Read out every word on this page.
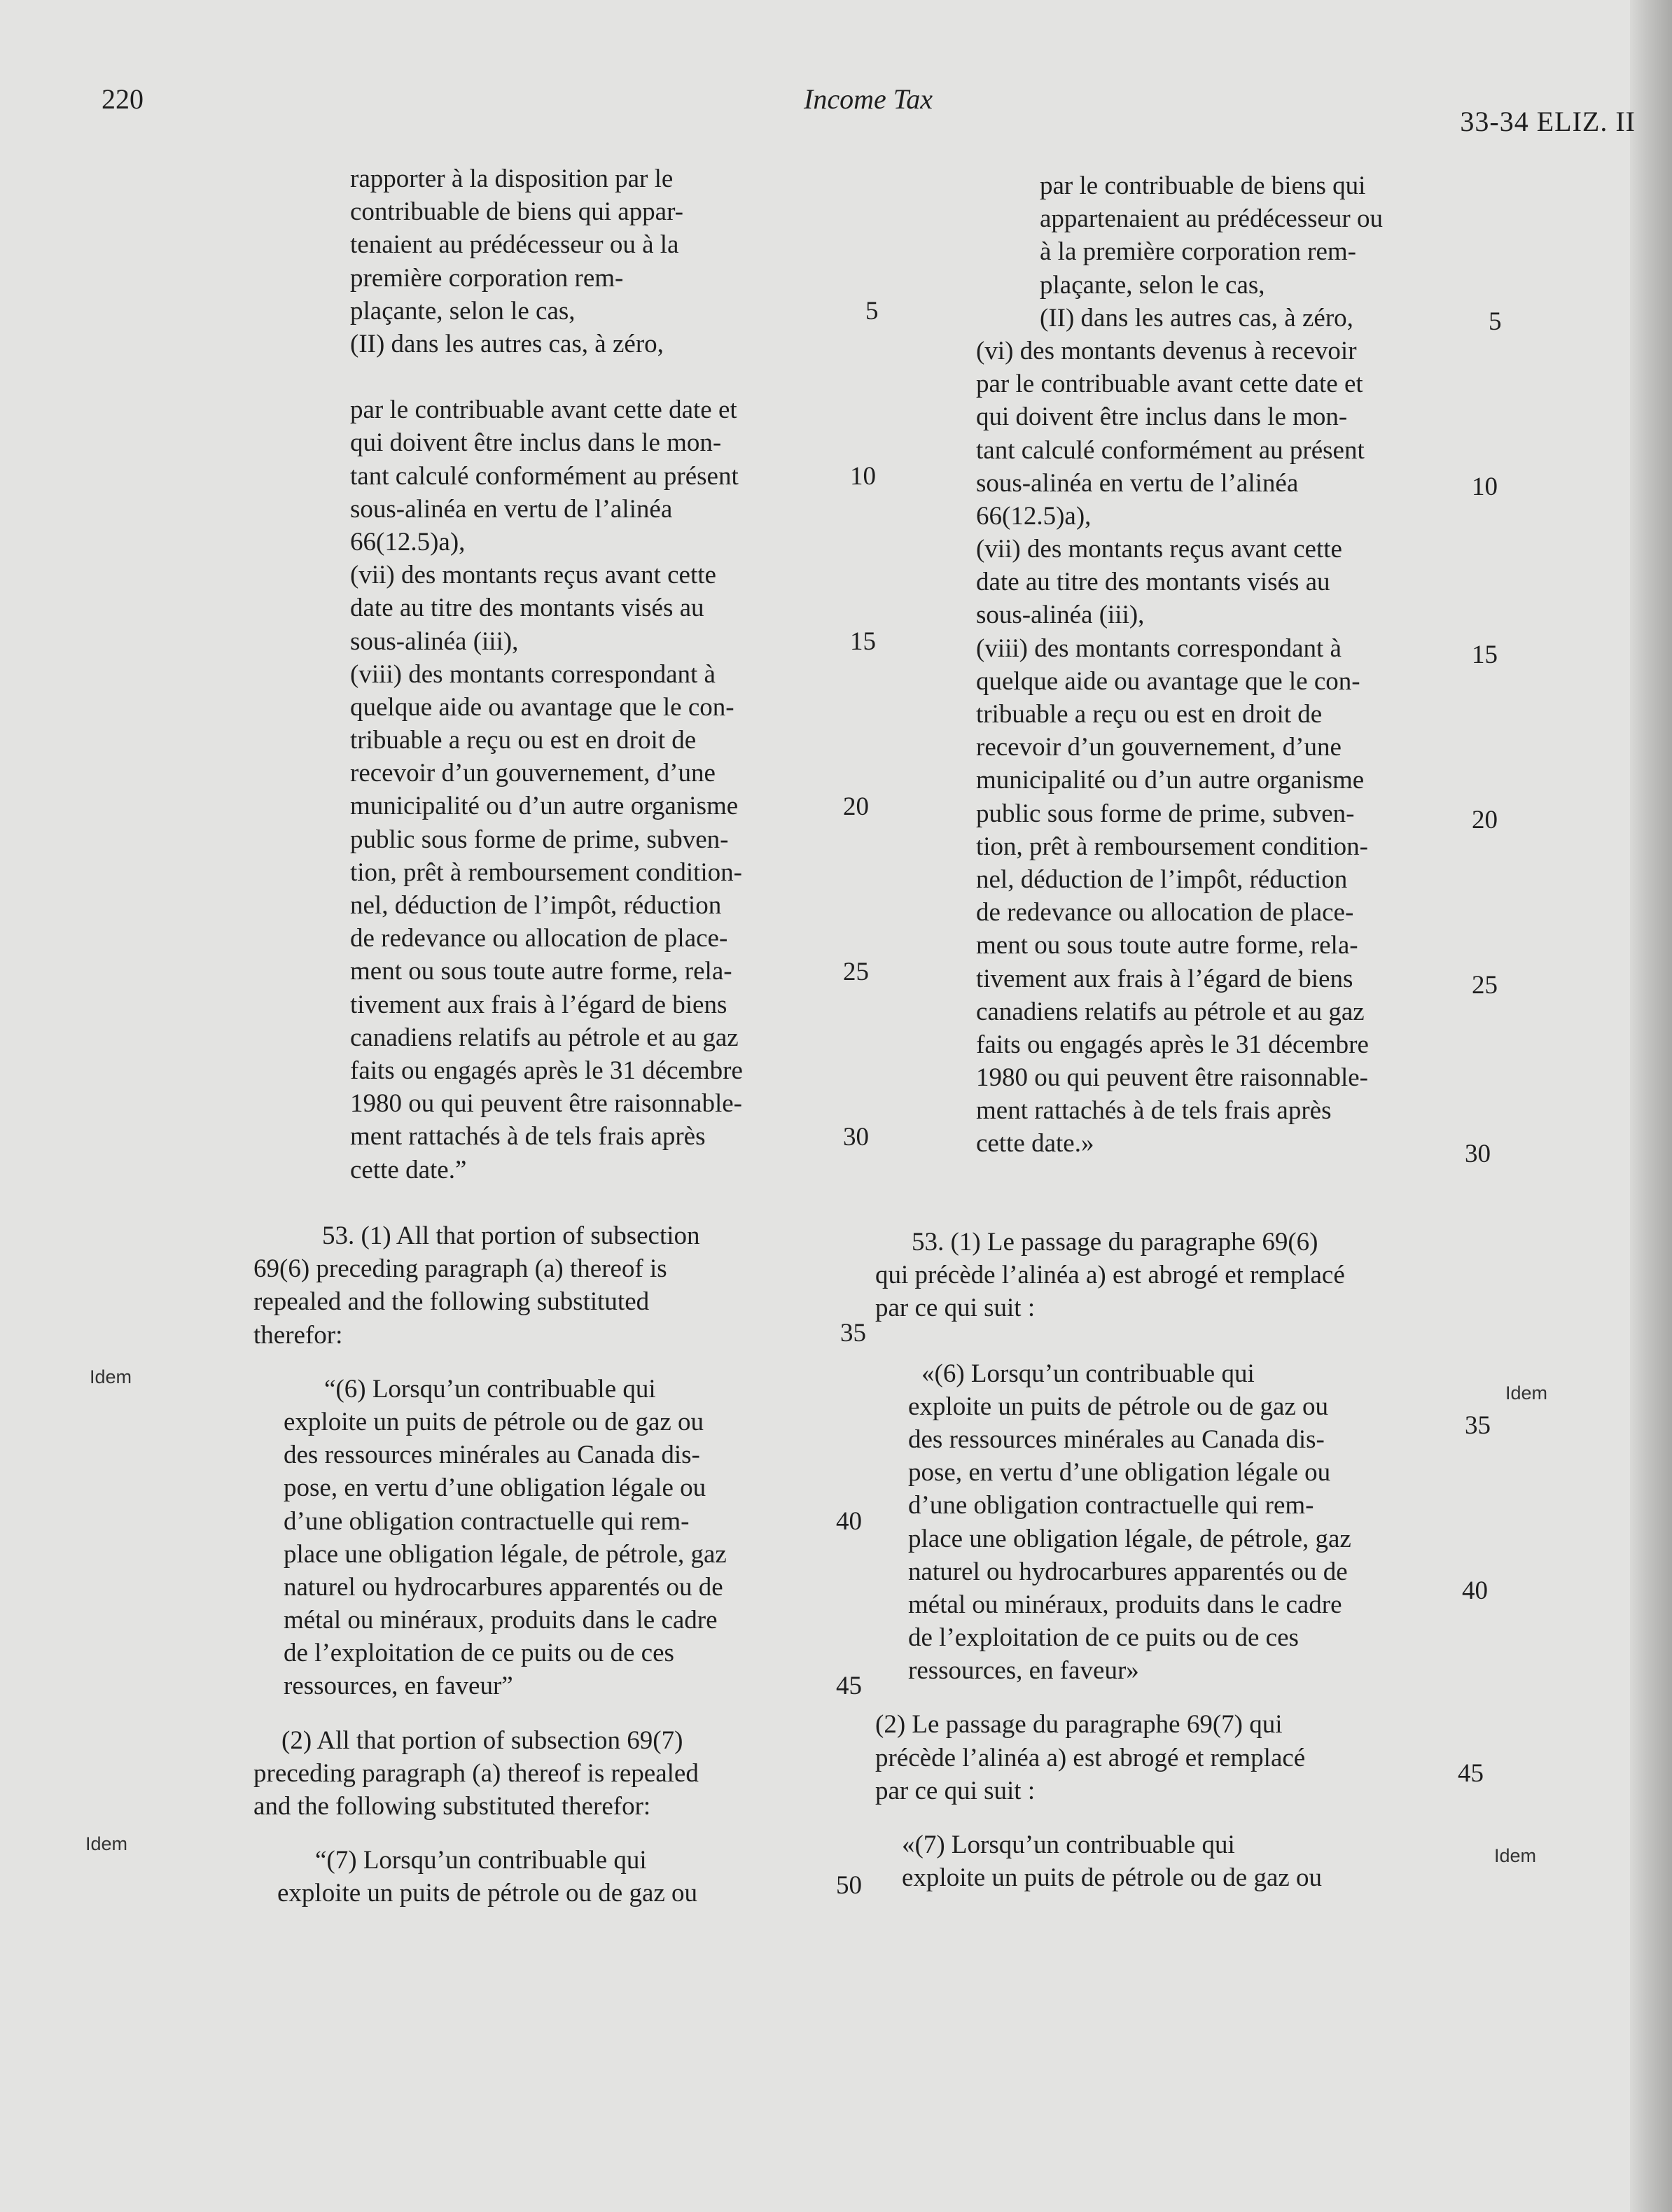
220	Income Tax
33-34 ELIZ. II
rapporter à la disposition par le
contribuable de biens qui appar-
tenaient au prédécesseur ou à la
première corporation rem-
plaçante, selon le cas,
(II) dans les autres cas, à zéro,
par le contribuable avant cette date et
qui doivent être inclus dans le mon-
tant calculé conformément au présent
sous-alinéa en vertu de l’alinéa
66(12.5)a),
(vii) des montants reçus avant cette
date au titre des montants visés au
sous-alinéa (iii),
(viii) des montants correspondant à
quelque aide ou avantage que le con-
tribuable a reçu ou est en droit de
recevoir d’un gouvernement, d’une
municipalité ou d’un autre organisme
public sous forme de prime, subven-
tion, prêt à remboursement condition-
nel, déduction de l’impôt, réduction
de redevance ou allocation de place-
ment ou sous toute autre forme, rela-
tivement aux frais à l’égard de biens
canadiens relatifs au pétrole et au gaz
faits ou engagés après le 31 décembre
1980 ou qui peuvent être raisonnable-
ment rattachés à de tels frais après
cette date.”
53. (1) All that portion of subsection
69(6) preceding paragraph (a) thereof is
repealed and the following substituted
therefor:
“(6) Lorsqu’un contribuable qui
exploite un puits de pétrole ou de gaz ou
des ressources minérales au Canada dis-
pose, en vertu d’une obligation légale ou
d’une obligation contractuelle qui rem-
place une obligation légale, de pétrole, gaz
naturel ou hydrocarbures apparentés ou de
métal ou minéraux, produits dans le cadre
de l’exploitation de ce puits ou de ces
ressources, en faveur”
(2) All that portion of subsection 69(7)
preceding paragraph (a) thereof is repealed
and the following substituted therefor:
“(7) Lorsqu’un contribuable qui
exploite un puits de pétrole ou de gaz ou
5
10
15
20
25
30
35
40
45
50
par le contribuable de biens qui
appartenaient au prédécesseur ou
à la première corporation rem-
plaçante, selon le cas,
(II) dans les autres cas, à zéro,
(vi) des montants devenus à recevoir
par le contribuable avant cette date et
qui doivent être inclus dans le mon-
tant calculé conformément au présent
sous-alinéa en vertu de l’alinéa
66(12.5)a),
(vii) des montants reçus avant cette
date au titre des montants visés au
sous-alinéa (iii),
(viii) des montants correspondant à
quelque aide ou avantage que le con-
tribuable a reçu ou est en droit de
recevoir d’un gouvernement, d’une
municipalité ou d’un autre organisme
public sous forme de prime, subven-
tion, prêt à remboursement condition-
nel, déduction de l’impôt, réduction
de redevance ou allocation de place-
ment ou sous toute autre forme, rela-
tivement aux frais à l’égard de biens
canadiens relatifs au pétrole et au gaz
faits ou engagés après le 31 décembre
1980 ou qui peuvent être raisonnable-
ment rattachés à de tels frais après
cette date.»
53. (1) Le passage du paragraphe 69(6)
qui précède l’alinéa a) est abrogé et remplacé
par ce qui suit :
«(6) Lorsqu’un contribuable qui
exploite un puits de pétrole ou de gaz ou
des ressources minérales au Canada dis-
pose, en vertu d’une obligation légale ou
d’une obligation contractuelle qui rem-
place une obligation légale, de pétrole, gaz
naturel ou hydrocarbures apparentés ou de
métal ou minéraux, produits dans le cadre
de l’exploitation de ce puits ou de ces
ressources, en faveur»
(2) Le passage du paragraphe 69(7) qui
précède l’alinéa a) est abrogé et remplacé
par ce qui suit :
«(7) Lorsqu’un contribuable qui
exploite un puits de pétrole ou de gaz ou
5
10
15
20
25
30
35
40
45
Idem
Idem
Idem
Idem
